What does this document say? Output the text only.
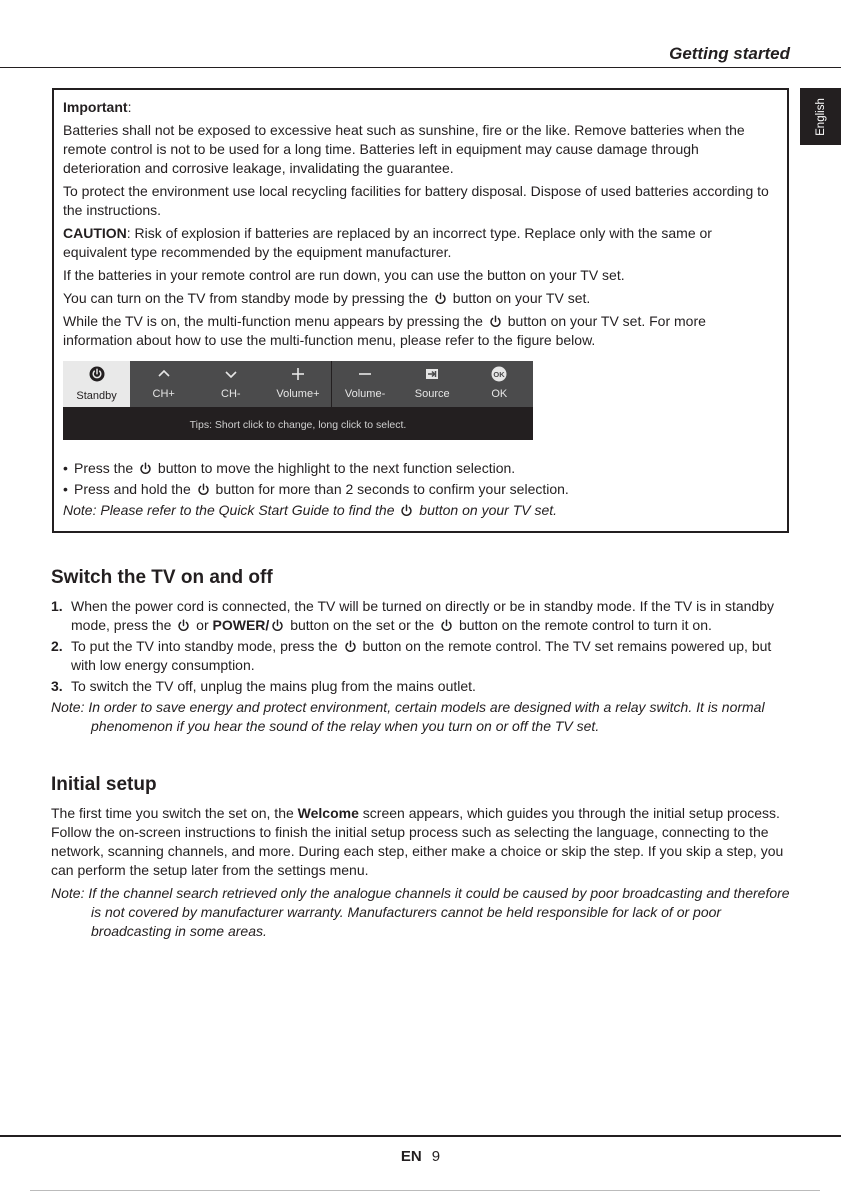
Getting started
English

Important:

Batteries shall not be exposed to excessive heat such as sunshine, fire or the like. Remove batteries when the remote control is not to be used for a long time. Batteries left in equipment may cause damage through deterioration and corrosive leakage, invalidating the guarantee.

To protect the environment use local recycling facilities for battery disposal. Dispose of used batteries according to the instructions.

CAUTION: Risk of explosion if batteries are replaced by an incorrect type. Replace only with the same or equivalent type recommended by the equipment manufacturer.

If the batteries in your remote control are run down, you can use the button on your TV set.

You can turn on the TV from standby mode by pressing the button on your TV set.

While the TV is on, the multi-function menu appears by pressing the button on your TV set. For more information about how to use the multi-function menu, please refer to the figure below.

Standby	CH+	CH-	Volume+	Volume-	Source
OK
OK
Tips: Short click to change, long click to select.
• Press the button to move the highlight to the next function selection.
• Press and hold the button for more than 2 seconds to confirm your selection.
Note: Please refer to the Quick Start Guide to find the button on your TV set.
Switch the TV on and off
1. When the power cord is connected, the TV will be turned on directly or be in standby mode. If the TV is in standby mode, press the or POWER/ button on the set or the button on the remote control to turn it on.
2. To put the TV into standby mode, press the button on the remote control. The TV set remains powered up, but with low energy consumption.
3. To switch the TV off, unplug the mains plug from the mains outlet.
Note: In order to save energy and protect environment, certain models are designed with a relay switch. It is normal phenomenon if you hear the sound of the relay when you turn on or off the TV set.
Initial setup

The first time you switch the set on, the Welcome screen appears, which guides you through the initial setup process. Follow the on-screen instructions to finish the initial setup process such as selecting the language, connecting to the network, scanning channels, and more. During each step, either make a choice or skip the step. If you skip a step, you can perform the setup later from the settings menu.

Note: If the channel search retrieved only the analogue channels it could be caused by poor broadcasting and therefore is not covered by manufacturer warranty. Manufacturers cannot be held responsible for lack of or poor broadcasting in some areas.
EN 9
